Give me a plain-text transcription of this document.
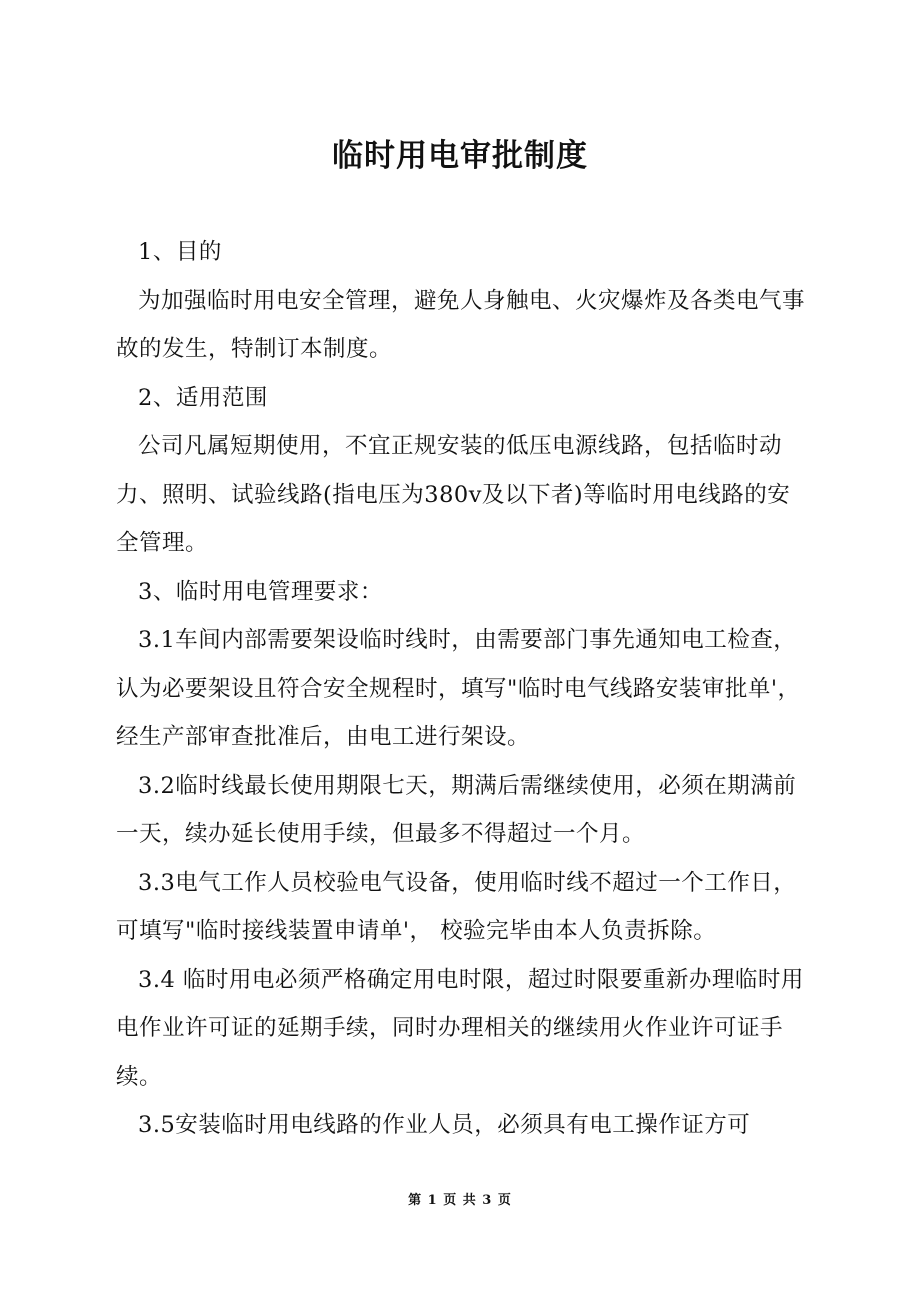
临时用电审批制度

1、目的

为加强临时用电安全管理，避免人身触电、火灾爆炸及各类电气事故的发生，特制订本制度。

2、适用范围

公司凡属短期使用，不宜正规安装的低压电源线路，包括临时动力、照明、试验线路(指电压为380v及以下者)等临时用电线路的安全管理。

3、临时用电管理要求：

3.1车间内部需要架设临时线时，由需要部门事先通知电工检查，认为必要架设且符合安全规程时，填写"临时电气线路安装审批单'，经生产部审查批准后，由电工进行架设。

3.2临时线最长使用期限七天，期满后需继续使用，必须在期满前一天，续办延长使用手续，但最多不得超过一个月。

3.3电气工作人员校验电气设备，使用临时线不超过一个工作日，可填写"临时接线装置申请单'， 校验完毕由本人负责拆除。

3.4 临时用电必须严格确定用电时限，超过时限要重新办理临时用电作业许可证的延期手续，同时办理相关的继续用火作业许可证手续。

3.5安装临时用电线路的作业人员，必须具有电工操作证方可

第 1 页 共 3 页
